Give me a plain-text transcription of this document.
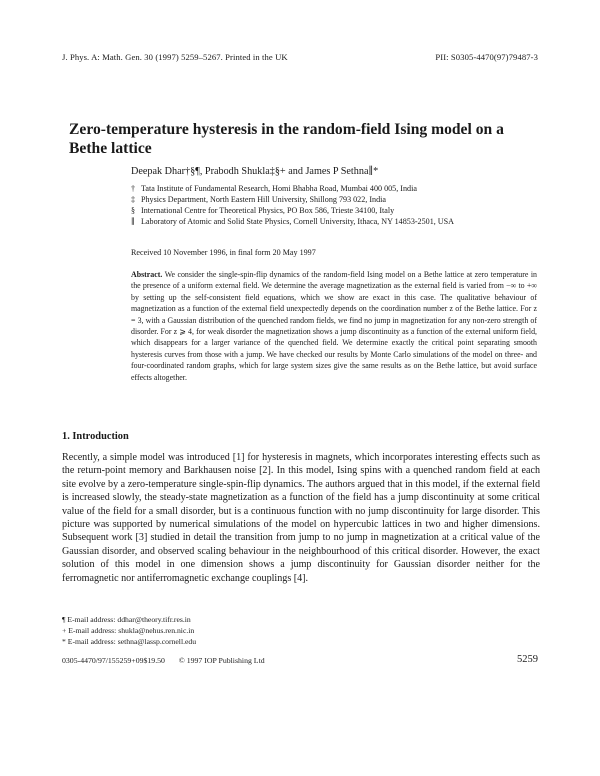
J. Phys. A: Math. Gen. 30 (1997) 5259–5267. Printed in the UK	PII: S0305-4470(97)79487-3
Zero-temperature hysteresis in the random-field Ising model on a Bethe lattice
Deepak Dhar†§¶, Prabodh Shukla‡§+ and James P Sethna∥*
† Tata Institute of Fundamental Research, Homi Bhabha Road, Mumbai 400 005, India
‡ Physics Department, North Eastern Hill University, Shillong 793 022, India
§ International Centre for Theoretical Physics, PO Box 586, Trieste 34100, Italy
∥ Laboratory of Atomic and Solid State Physics, Cornell University, Ithaca, NY 14853-2501, USA
Received 10 November 1996, in final form 20 May 1997
Abstract. We consider the single-spin-flip dynamics of the random-field Ising model on a Bethe lattice at zero temperature in the presence of a uniform external field. We determine the average magnetization as the external field is varied from −∞ to +∞ by setting up the self-consistent field equations, which we show are exact in this case. The qualitative behaviour of magnetization as a function of the external field unexpectedly depends on the coordination number z of the Bethe lattice. For z = 3, with a Gaussian distribution of the quenched random fields, we find no jump in magnetization for any non-zero strength of disorder. For z ⩾ 4, for weak disorder the magnetization shows a jump discontinuity as a function of the external uniform field, which disappears for a larger variance of the quenched field. We determine exactly the critical point separating smooth hysteresis curves from those with a jump. We have checked our results by Monte Carlo simulations of the model on three- and four-coordinated random graphs, which for large system sizes give the same results as on the Bethe lattice, but avoid surface effects altogether.
1. Introduction
Recently, a simple model was introduced [1] for hysteresis in magnets, which incorporates interesting effects such as the return-point memory and Barkhausen noise [2]. In this model, Ising spins with a quenched random field at each site evolve by a zero-temperature single-spin-flip dynamics. The authors argued that in this model, if the external field is increased slowly, the steady-state magnetization as a function of the field has a jump discontinuity at some critical value of the field for a small disorder, but is a continuous function with no jump discontinuity for large disorder. This picture was supported by numerical simulations of the model on hypercubic lattices in two and higher dimensions. Subsequent work [3] studied in detail the transition from jump to no jump in magnetization at a critical value of the Gaussian disorder, and observed scaling behaviour in the neighbourhood of this critical disorder. However, the exact solution of this model in one dimension shows a jump discontinuity for Gaussian disorder neither for the ferromagnetic nor antiferromagnetic exchange couplings [4].
¶ E-mail address: ddhar@theory.tifr.res.in
+ E-mail address: shukla@nehus.ren.nic.in
* E-mail address: sethna@lassp.cornell.edu
0305-4470/97/155259+09$19.50 © 1997 IOP Publishing Ltd	5259
